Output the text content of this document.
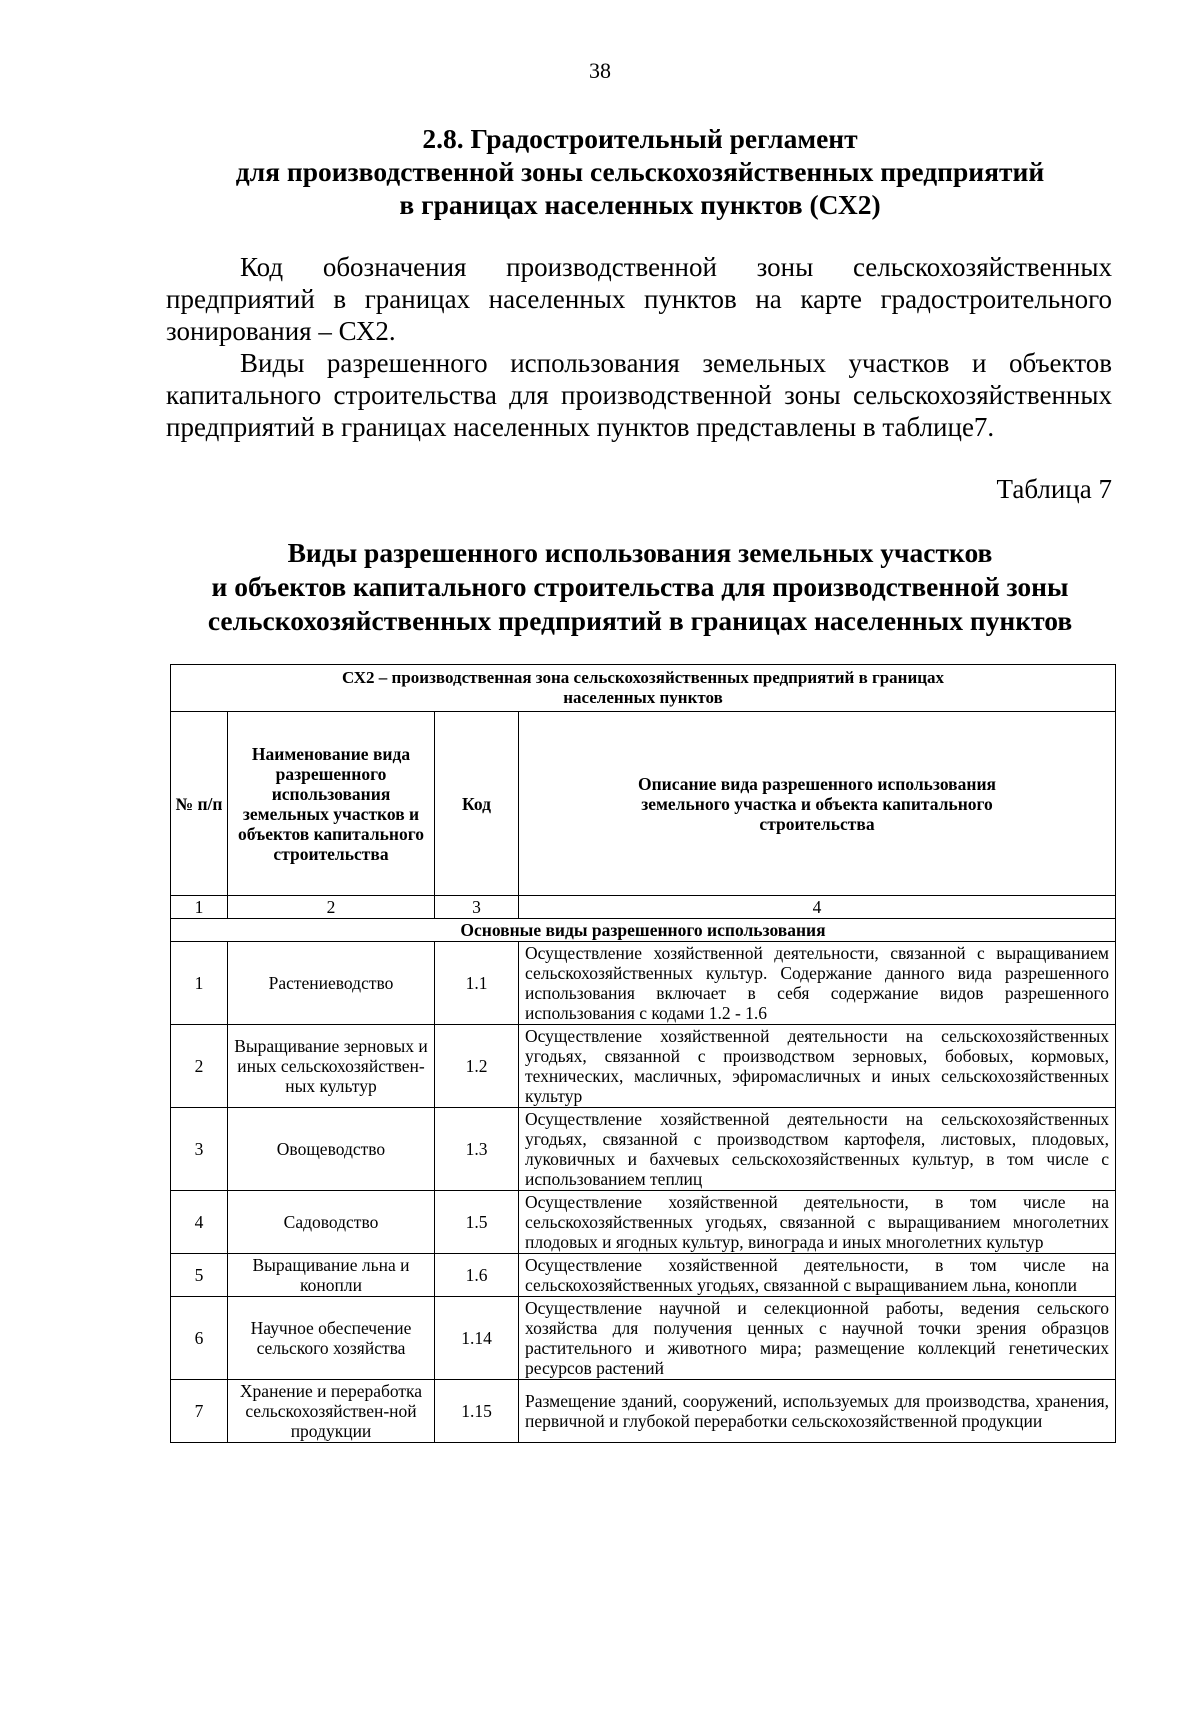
38
2.8. Градостроительный регламент
для производственной зоны сельскохозяйственных предприятий
в границах населенных пунктов (СХ2)
Код обозначения производственной зоны сельскохозяйственных предприятий в границах населенных пунктов на карте градостроительного зонирования – СХ2.
Виды разрешенного использования земельных участков и объектов капитального строительства для производственной зоны сельскохозяйственных предприятий в границах населенных пунктов представлены в таблице7.
Таблица 7
Виды разрешенного использования земельных участков
и объектов капитального строительства для производственной зоны
сельскохозяйственных предприятий в границах населенных пунктов
СХ2 – производственная зона сельскохозяйственных предприятий в границах населенных пунктов			
№ п/п	Наименование вида разрешенного использования земельных участков и объектов капитального строительства	Код	Описание вида разрешенного использования земельного участка и объекта капитального строительства
1	2	3	4
Основные виды разрешенного использования			
1	Растениеводство	1.1	Осуществление хозяйственной деятельности, связанной с выращиванием сельскохозяйственных культур. Содержание данного вида разрешенного использования включает в себя содержание видов разрешенного использования с кодами 1.2 - 1.6
2	Выращивание зерновых и иных сельскохозяйствен-ных культур	1.2	Осуществление хозяйственной деятельности на сельскохозяйственных угодьях, связанной с производством зерновых, бобовых, кормовых, технических, масличных, эфиромасличных и иных сельскохозяйственных культур
3	Овощеводство	1.3	Осуществление хозяйственной деятельности на сельскохозяйственных угодьях, связанной с производством картофеля, листовых, плодовых, луковичных и бахчевых сельскохозяйственных культур, в том числе с использованием теплиц
4	Садоводство	1.5	Осуществление хозяйственной деятельности, в том числе на сельскохозяйственных угодьях, связанной с выращиванием многолетних плодовых и ягодных культур, винограда и иных многолетних культур
5	Выращивание льна и конопли	1.6	Осуществление хозяйственной деятельности, в том числе на сельскохозяйственных угодьях, связанной с выращиванием льна, конопли
6	Научное обеспечение сельского хозяйства	1.14	Осуществление научной и селекционной работы, ведения сельского хозяйства для получения ценных с научной точки зрения образцов растительного и животного мира; размещение коллекций генетических ресурсов растений
7	Хранение и переработка сельскохозяйствен-ной продукции	1.15	Размещение зданий, сооружений, используемых для производства, хранения, первичной и глубокой переработки сельскохозяйственной продукции
